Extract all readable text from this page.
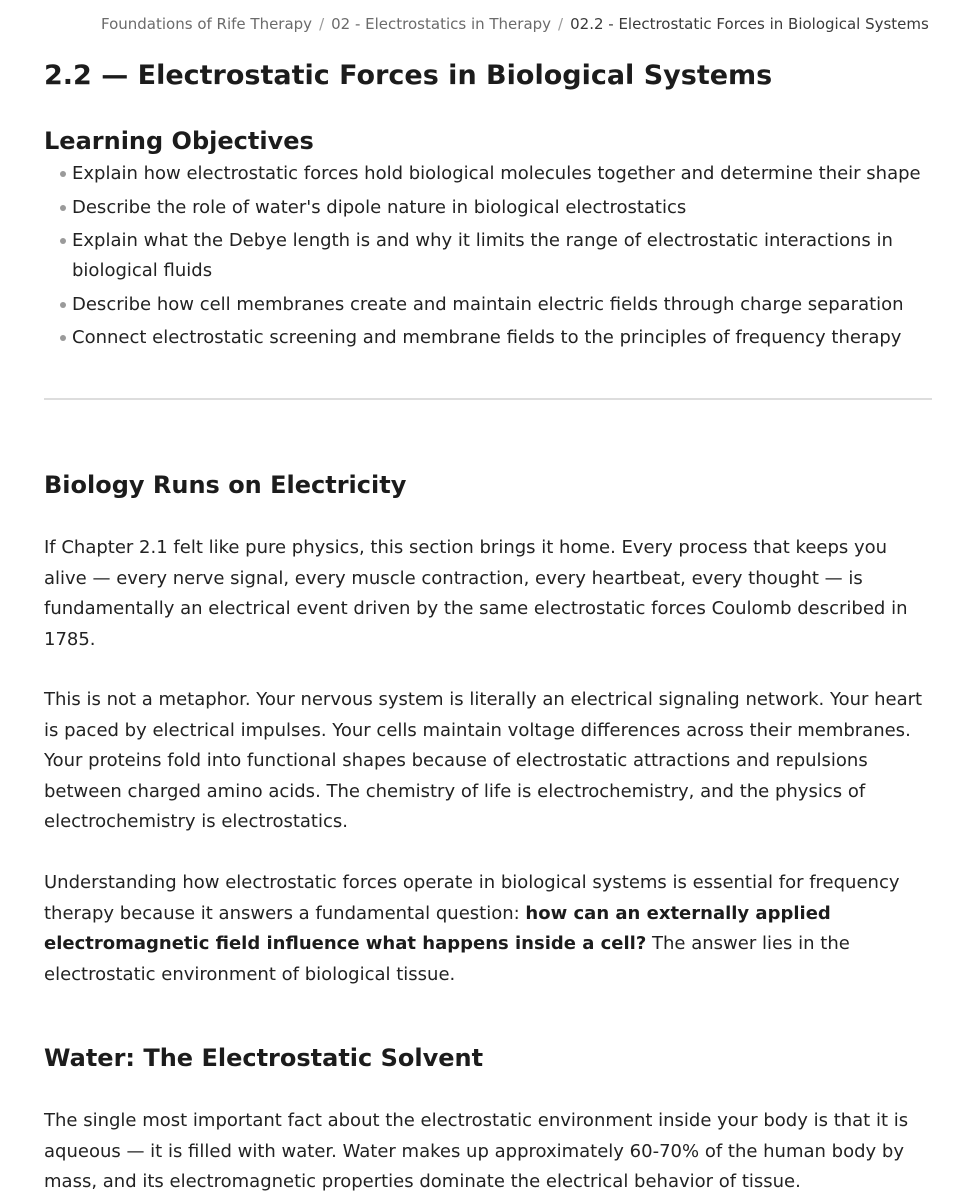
Foundations of Rife Therapy / 02 - Electrostatics in Therapy / 02.2 - Electrostatic Forces in Biological Systems
2.2 — Electrostatic Forces in Biological Systems
Learning Objectives
Explain how electrostatic forces hold biological molecules together and determine their shape
Describe the role of water's dipole nature in biological electrostatics
Explain what the Debye length is and why it limits the range of electrostatic interactions in biological fluids
Describe how cell membranes create and maintain electric fields through charge separation
Connect electrostatic screening and membrane fields to the principles of frequency therapy
Biology Runs on Electricity

If Chapter 2.1 felt like pure physics, this section brings it home. Every process that keeps you alive — every nerve signal, every muscle contraction, every heartbeat, every thought — is fundamentally an electrical event driven by the same electrostatic forces Coulomb described in 1785.

This is not a metaphor. Your nervous system is literally an electrical signaling network. Your heart is paced by electrical impulses. Your cells maintain voltage differences across their membranes. Your proteins fold into functional shapes because of electrostatic attractions and repulsions between charged amino acids. The chemistry of life is electrochemistry, and the physics of electrochemistry is electrostatics.

Understanding how electrostatic forces operate in biological systems is essential for frequency therapy because it answers a fundamental question: how can an externally applied electromagnetic field influence what happens inside a cell? The answer lies in the electrostatic environment of biological tissue.

Water: The Electrostatic Solvent

The single most important fact about the electrostatic environment inside your body is that it is aqueous — it is filled with water. Water makes up approximately 60-70% of the human body by mass, and its electromagnetic properties dominate the electrical behavior of tissue.
